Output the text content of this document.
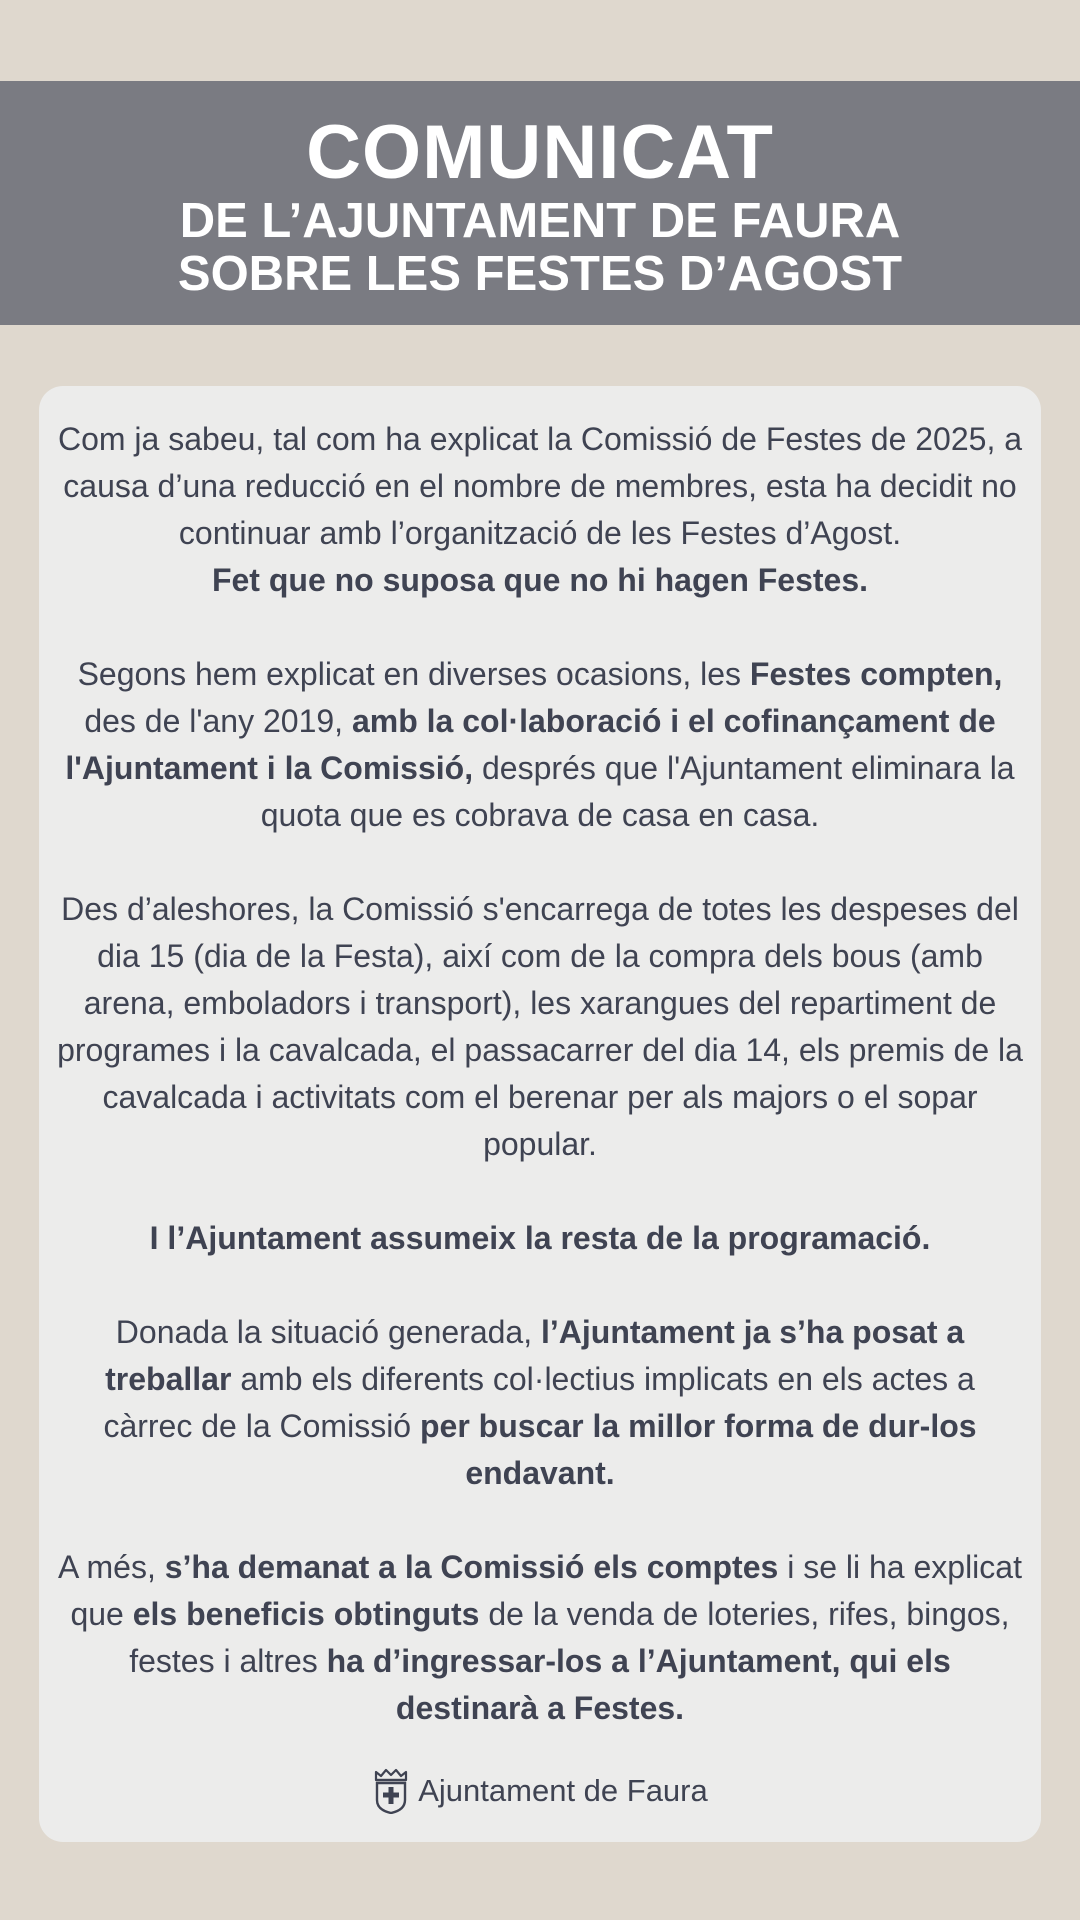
COMUNICAT
DE L’AJUNTAMENT DE FAURA
SOBRE LES FESTES D’AGOST

Com ja sabeu, tal com ha explicat la Comissió de Festes de 2025, a causa d’una reducció en el nombre de membres, esta ha decidit no continuar amb l’organització de les Festes d’Agost.
Fet que no suposa que no hi hagen Festes.

Segons hem explicat en diverses ocasions, les Festes compten, des de l'any 2019, amb la col·laboració i el cofinançament de l'Ajuntament i la Comissió, després que l'Ajuntament eliminara la quota que es cobrava de casa en casa.

Des d’aleshores, la Comissió s'encarrega de totes les despeses del dia 15 (dia de la Festa), així com de la compra dels bous (amb arena, emboladors i transport), les xarangues del repartiment de programes i la cavalcada, el passacarrer del dia 14, els premis de la cavalcada i activitats com el berenar per als majors o el sopar popular.

I l’Ajuntament assumeix la resta de la programació.

Donada la situació generada, l’Ajuntament ja s’ha posat a treballar amb els diferents col·lectius implicats en els actes a càrrec de la Comissió per buscar la millor forma de dur-los endavant.

A més, s’ha demanat a la Comissió els comptes i se li ha explicat que els beneficis obtinguts de la venda de loteries, rifes, bingos, festes i altres ha d’ingressar-los a l’Ajuntament, qui els destinarà a Festes.

Ajuntament de Faura
